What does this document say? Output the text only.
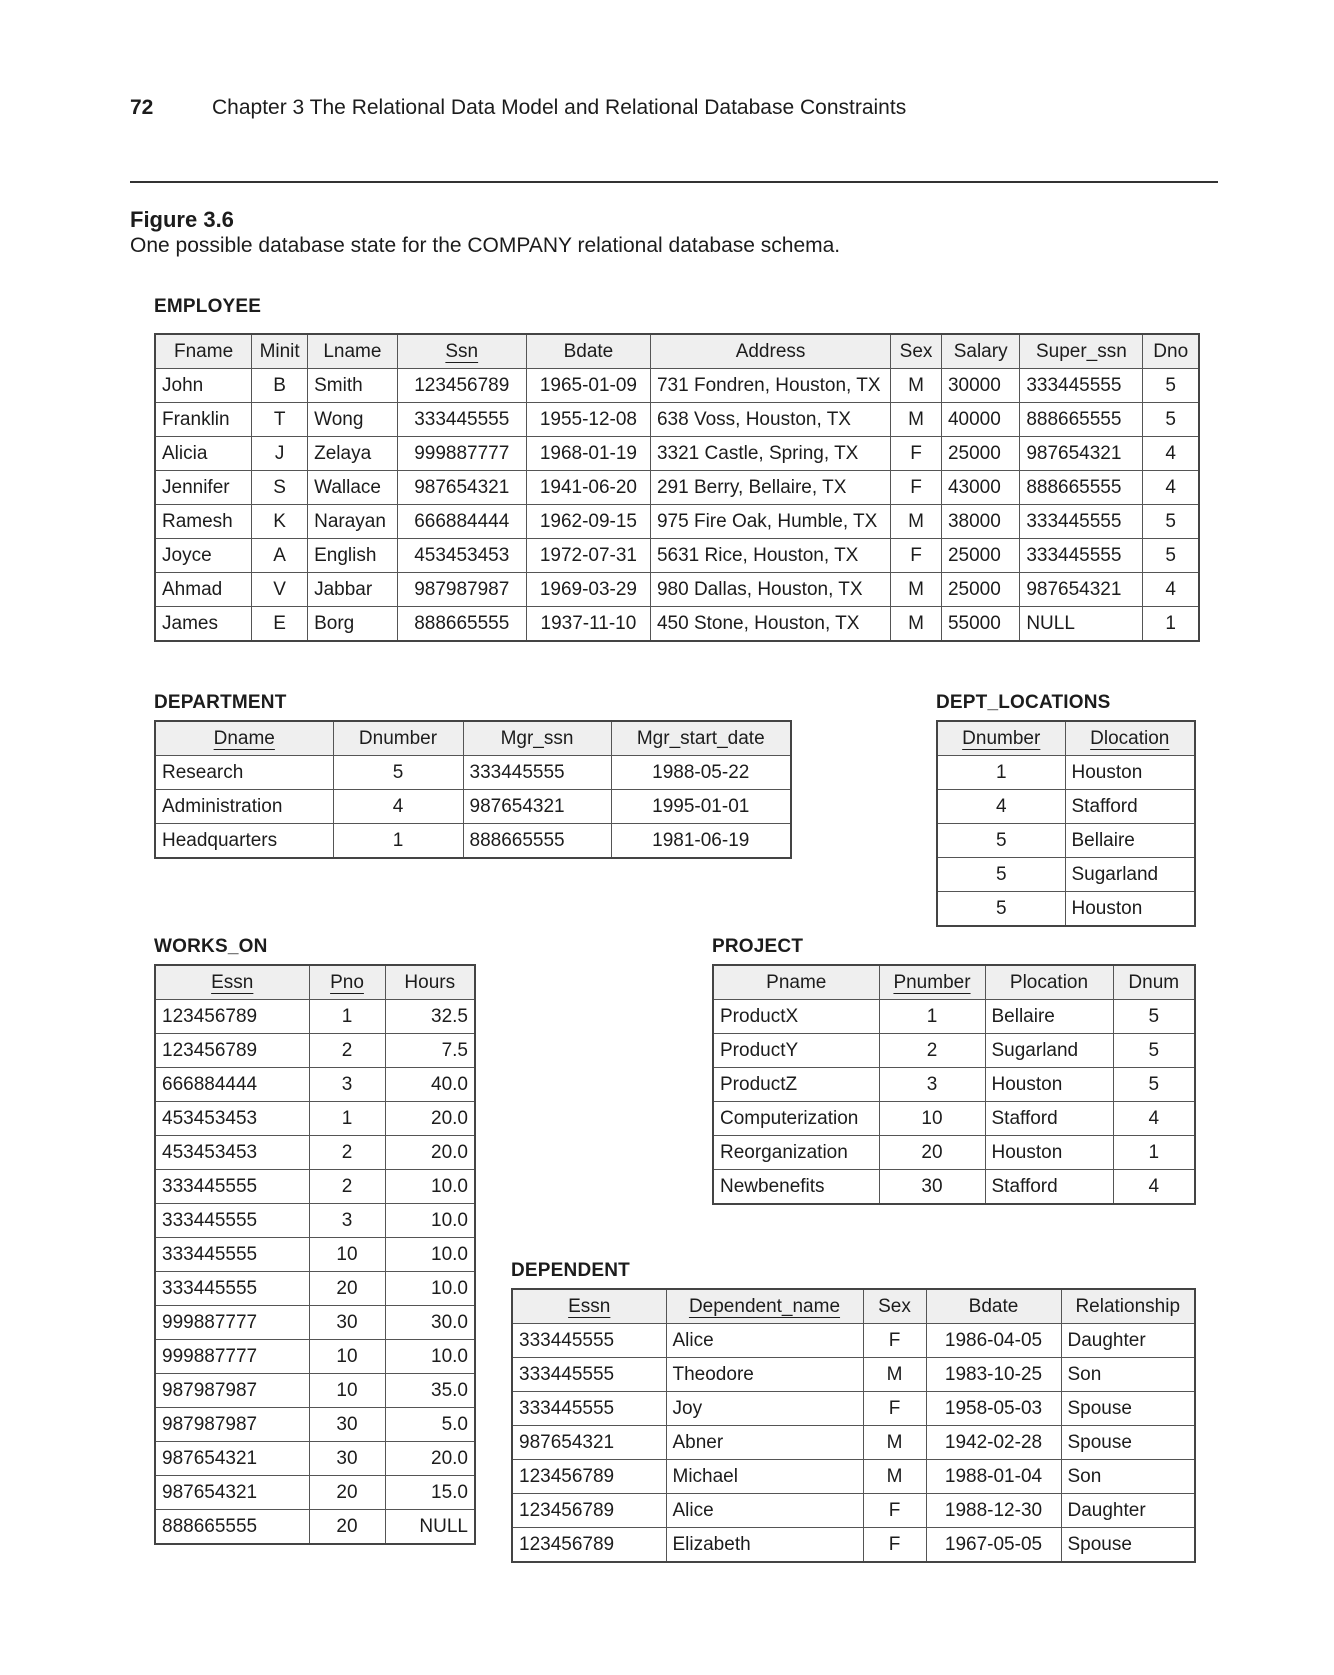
72	Chapter 3 The Relational Data Model and Relational Database Constraints
Figure 3.6
One possible database state for the COMPANY relational database schema.
EMPLOYEE
Fname	Minit	Lname	Ssn	Bdate	Address	Sex	Salary	Super_ssn	Dno
John	B	Smith	123456789	1965-01-09	731 Fondren, Houston, TX	M	30000	333445555	5
Franklin	T	Wong	333445555	1955-12-08	638 Voss, Houston, TX	M	40000	888665555	5
Alicia	J	Zelaya	999887777	1968-01-19	3321 Castle, Spring, TX	F	25000	987654321	4
Jennifer	S	Wallace	987654321	1941-06-20	291 Berry, Bellaire, TX	F	43000	888665555	4
Ramesh	K	Narayan	666884444	1962-09-15	975 Fire Oak, Humble, TX	M	38000	333445555	5
Joyce	A	English	453453453	1972-07-31	5631 Rice, Houston, TX	F	25000	333445555	5
Ahmad	V	Jabbar	987987987	1969-03-29	980 Dallas, Houston, TX	M	25000	987654321	4
James	E	Borg	888665555	1937-11-10	450 Stone, Houston, TX	M	55000	NULL	1
DEPARTMENT
Dname	Dnumber	Mgr_ssn	Mgr_start_date
Research	5	333445555	1988-05-22
Administration	4	987654321	1995-01-01
Headquarters	1	888665555	1981-06-19
DEPT_LOCATIONS
Dnumber	Dlocation
1	Houston
4	Stafford
5	Bellaire
5	Sugarland
5	Houston
WORKS_ON
Essn	Pno	Hours
123456789	1	32.5
123456789	2	7.5
666884444	3	40.0
453453453	1	20.0
453453453	2	20.0
333445555	2	10.0
333445555	3	10.0
333445555	10	10.0
333445555	20	10.0
999887777	30	30.0
999887777	10	10.0
987987987	10	35.0
987987987	30	5.0
987654321	30	20.0
987654321	20	15.0
888665555	20	NULL
PROJECT
Pname	Pnumber	Plocation	Dnum
ProductX	1	Bellaire	5
ProductY	2	Sugarland	5
ProductZ	3	Houston	5
Computerization	10	Stafford	4
Reorganization	20	Houston	1
Newbenefits	30	Stafford	4
DEPENDENT
Essn	Dependent_name	Sex	Bdate	Relationship
333445555	Alice	F	1986-04-05	Daughter
333445555	Theodore	M	1983-10-25	Son
333445555	Joy	F	1958-05-03	Spouse
987654321	Abner	M	1942-02-28	Spouse
123456789	Michael	M	1988-01-04	Son
123456789	Alice	F	1988-12-30	Daughter
123456789	Elizabeth	F	1967-05-05	Spouse
